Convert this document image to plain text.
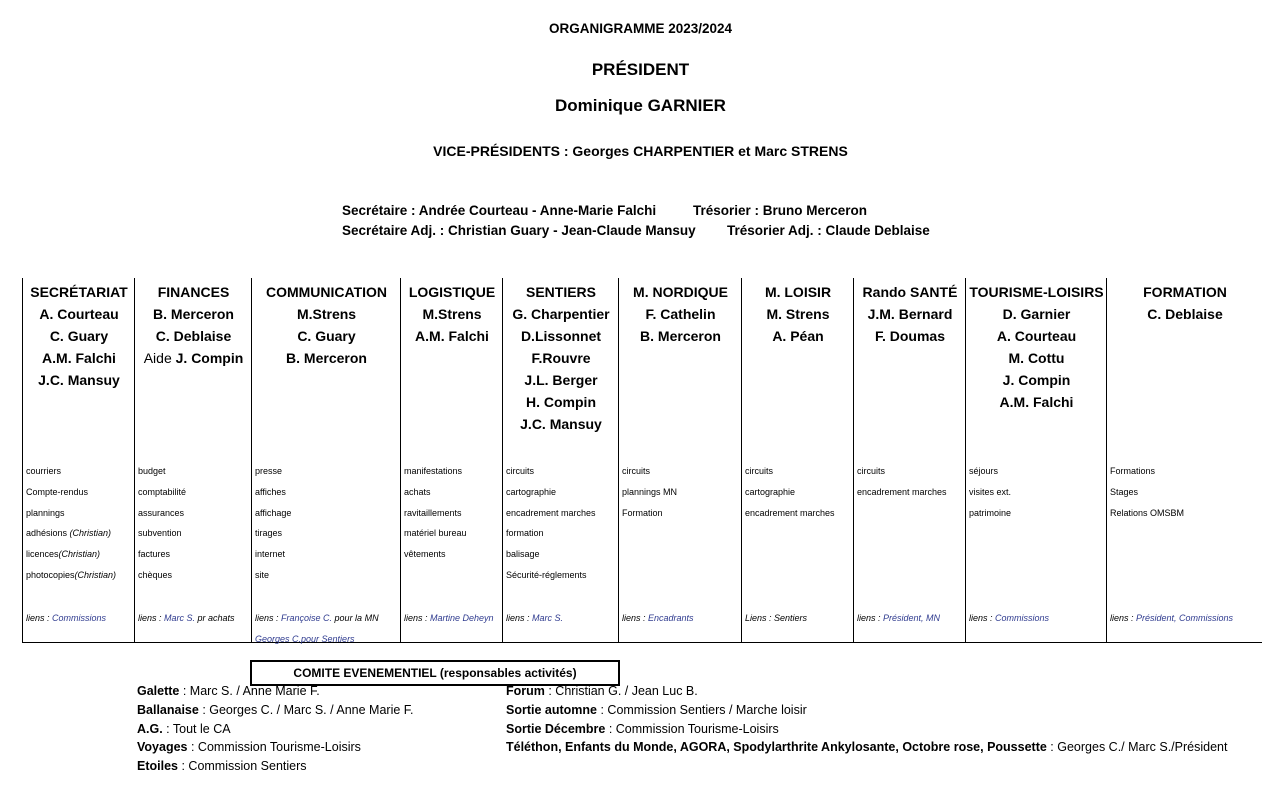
ORGANIGRAMME 2023/2024
PRÉSIDENT
Dominique GARNIER
VICE-PRÉSIDENTS : Georges CHARPENTIER et Marc STRENS
Secrétaire : Andrée Courteau - Anne-Marie Falchi	Trésorier : Bruno Merceron
Secrétaire Adj. : Christian Guary - Jean-Claude Mansuy Trésorier Adj. : Claude Deblaise
SECRÉTARIAT
A. Courteau
C. Guary
A.M. Falchi
J.C. Mansuy
courriers
Compte-rendus
plannings
adhésions (Christian)
licences(Christian)
photocopies(Christian)
liens : Commissions
FINANCES
B. Merceron
C. Deblaise
Aide J. Compin
budget
comptabilité
assurances
subvention
factures
chèques
liens : Marc S. pr achats
COMMUNICATION
M.Strens
C. Guary
B. Merceron
presse
affiches
affichage
tirages
internet
site
liens : Françoise C. pour la MN
Georges C.pour Sentiers
LOGISTIQUE
M.Strens
A.M. Falchi
manifestations
achats
ravitaillements
matériel bureau
vêtements
liens : Martine Deheyn
SENTIERS
G. Charpentier
D.Lissonnet
F.Rouvre
J.L. Berger
H. Compin
J.C. Mansuy
circuits
cartographie
encadrement marches
formation
balisage
Sécurité-réglements
liens : Marc S.
M. NORDIQUE
F. Cathelin
B. Merceron
circuits
plannings MN
Formation
liens : Encadrants
M. LOISIR
M. Strens
A. Péan
circuits
cartographie
encadrement marches
Liens : Sentiers
Rando SANTÉ
J.M. Bernard
F. Doumas
circuits
encadrement marches
liens : Président, MN
TOURISME-LOISIRS
D. Garnier
A. Courteau
M. Cottu
J. Compin
A.M. Falchi
séjours
visites ext.
patrimoine
liens : Commissions
FORMATION
C. Deblaise
Formations
Stages
Relations OMSBM
liens : Président, Commissions
COMITE EVENEMENTIEL (responsables activités)
Galette : Marc S. / Anne Marie F.
Ballanaise : Georges C. / Marc S. / Anne Marie F.
A.G. : Tout le CA
Voyages : Commission Tourisme-Loisirs
Etoiles : Commission Sentiers
Forum : Christian G. / Jean Luc B.
Sortie automne : Commission Sentiers / Marche loisir
Sortie Décembre : Commission Tourisme-Loisirs
Téléthon, Enfants du Monde, AGORA, Spodylarthrite Ankylosante, Octobre rose, Poussette : Georges C./ Marc S./Président
